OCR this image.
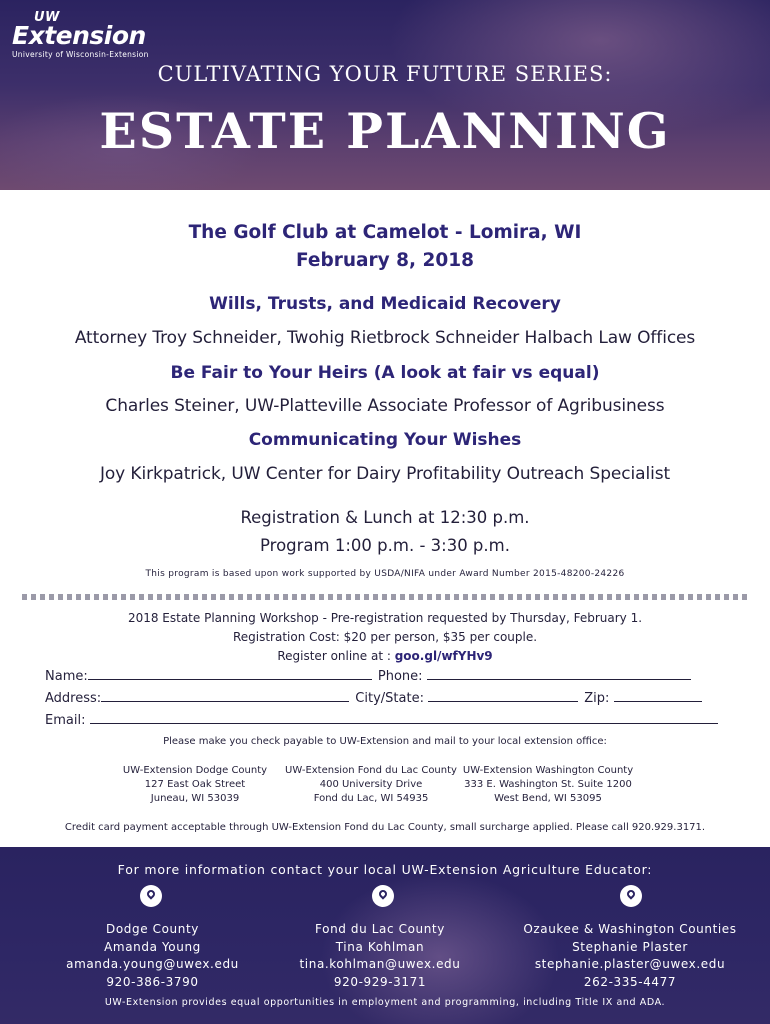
UW
Extension
University of Wisconsin-Extension
CULTIVATING YOUR FUTURE SERIES:
ESTATE PLANNING
The Golf Club at Camelot - Lomira, WI
February 8, 2018
Wills, Trusts, and Medicaid Recovery
Attorney Troy Schneider, Twohig Rietbrock Schneider Halbach Law Offices
Be Fair to Your Heirs (A look at fair vs equal)
Charles Steiner, UW-Platteville Associate Professor of Agribusiness
Communicating Your Wishes
Joy Kirkpatrick, UW Center for Dairy Profitability Outreach Specialist
Registration & Lunch at 12:30 p.m.
Program 1:00 p.m. - 3:30 p.m.
This program is based upon work supported by USDA/NIFA under Award Number 2015-48200-24226
2018 Estate Planning Workshop - Pre-registration requested by Thursday, February 1.
Registration Cost: $20 per person, $35 per couple.
Register online at : goo.gl/wfYHv9
Name:	Phone:
Address:	City/State:	Zip:
Email:
Please make you check payable to UW-Extension and mail to your local extension office:
UW-Extension Dodge County
127 East Oak Street
Juneau, WI 53039
UW-Extension Fond du Lac County
400 University Drive
Fond du Lac, WI 54935
UW-Extension Washington County
333 E. Washington St. Suite 1200
West Bend, WI 53095
Credit card payment acceptable through UW-Extension Fond du Lac County, small surcharge applied. Please call 920.929.3171.
For more information contact your local UW-Extension Agriculture Educator:
Dodge County
Amanda Young
amanda.young@uwex.edu
920-386-3790
Fond du Lac County
Tina Kohlman
tina.kohlman@uwex.edu
920-929-3171
Ozaukee & Washington Counties
Stephanie Plaster
stephanie.plaster@uwex.edu
262-335-4477
UW-Extension provides equal opportunities in employment and programming, including Title IX and ADA.
